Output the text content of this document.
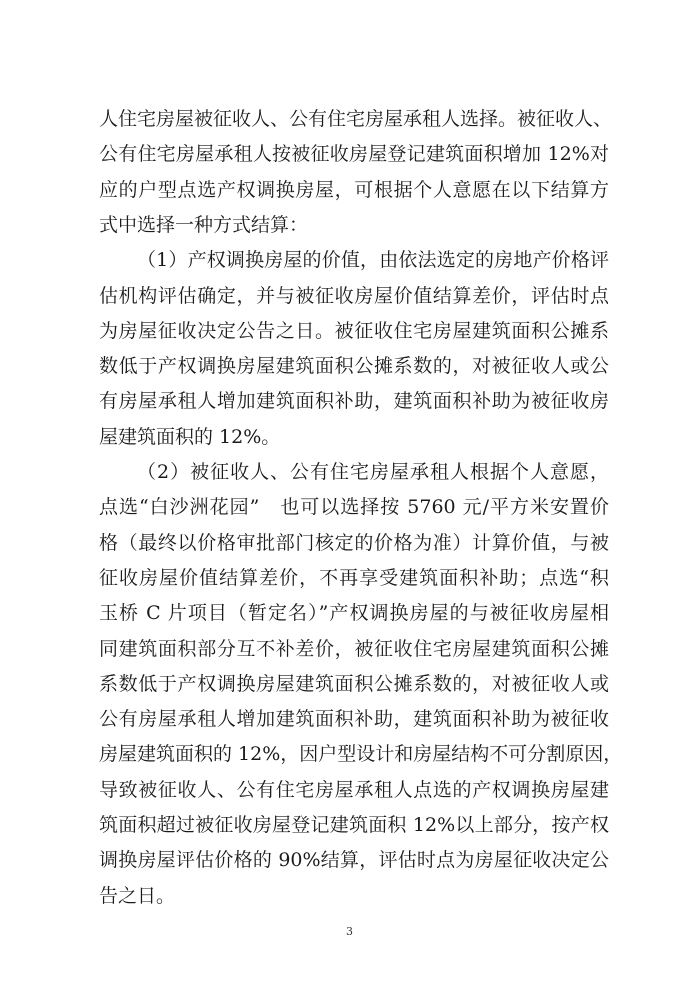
人住宅房屋被征收人、公有住宅房屋承租人选择。被征收人、
公有住宅房屋承租人按被征收房屋登记建筑面积增加 12%对
应的户型点选产权调换房屋，可根据个人意愿在以下结算方
式中选择一种方式结算：
（1）产权调换房屋的价值，由依法选定的房地产价格评
估机构评估确定，并与被征收房屋价值结算差价，评估时点
为房屋征收决定公告之日。被征收住宅房屋建筑面积公摊系
数低于产权调换房屋建筑面积公摊系数的，对被征收人或公
有房屋承租人增加建筑面积补助，建筑面积补助为被征收房
屋建筑面积的 12%。
（2）被征收人、公有住宅房屋承租人根据个人意愿，
点选“白沙洲花园”　也可以选择按 5760 元/平方米安置价
格（最终以价格审批部门核定的价格为准）计算价值，与被
征收房屋价值结算差价，不再享受建筑面积补助；点选“积
玉桥 C 片项目（暂定名）”产权调换房屋的与被征收房屋相
同建筑面积部分互不补差价，被征收住宅房屋建筑面积公摊
系数低于产权调换房屋建筑面积公摊系数的，对被征收人或
公有房屋承租人增加建筑面积补助，建筑面积补助为被征收
房屋建筑面积的 12%，因户型设计和房屋结构不可分割原因，
导致被征收人、公有住宅房屋承租人点选的产权调换房屋建
筑面积超过被征收房屋登记建筑面积 12%以上部分，按产权
调换房屋评估价格的 90%结算，评估时点为房屋征收决定公
告之日。
3
